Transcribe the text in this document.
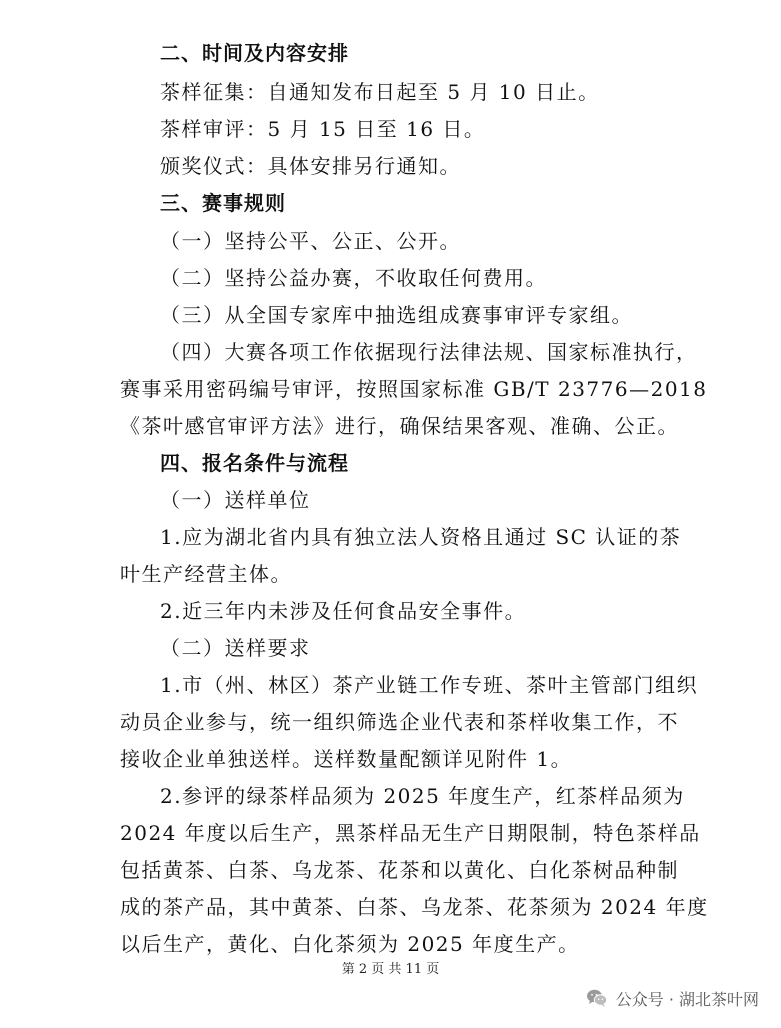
二、时间及内容安排
茶样征集：自通知发布日起至 5 月 10 日止。
茶样审评：5 月 15 日至 16 日。
颁奖仪式：具体安排另行通知。
三、赛事规则
（一）坚持公平、公正、公开。
（二）坚持公益办赛，不收取任何费用。
（三）从全国专家库中抽选组成赛事审评专家组。
（四）大赛各项工作依据现行法律法规、国家标准执行，
赛事采用密码编号审评，按照国家标准 GB/T 23776—2018
《茶叶感官审评方法》进行，确保结果客观、准确、公正。
四、报名条件与流程
（一）送样单位
1.应为湖北省内具有独立法人资格且通过 SC 认证的茶
叶生产经营主体。
2.近三年内未涉及任何食品安全事件。
（二）送样要求
1.市（州、林区）茶产业链工作专班、茶叶主管部门组织
动员企业参与，统一组织筛选企业代表和茶样收集工作，不
接收企业单独送样。送样数量配额详见附件 1。
2.参评的绿茶样品须为 2025 年度生产，红茶样品须为
2024 年度以后生产，黑茶样品无生产日期限制，特色茶样品
包括黄茶、白茶、乌龙茶、花茶和以黄化、白化茶树品种制
成的茶产品，其中黄茶、白茶、乌龙茶、花茶须为 2024 年度
以后生产，黄化、白化茶须为 2025 年度生产。
第 2 页 共 11 页
公众号 · 湖北茶叶网
